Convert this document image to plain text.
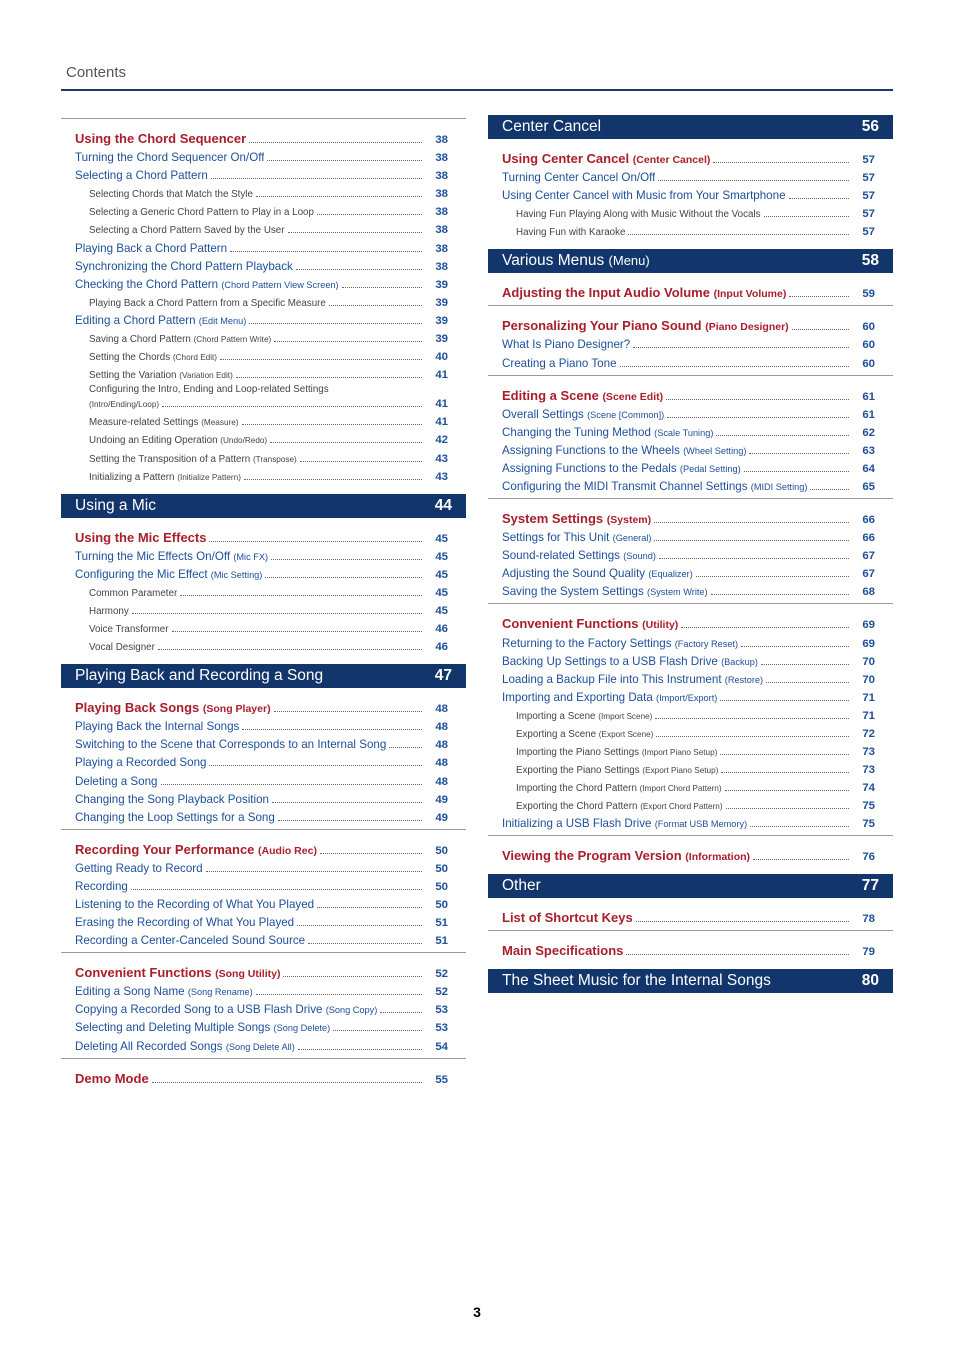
Contents
Using the Chord Sequencer	38
Turning the Chord Sequencer On/Off	38
Selecting a Chord Pattern	38
Selecting Chords that Match the Style	38
Selecting a Generic Chord Pattern to Play in a Loop	38
Selecting a Chord Pattern Saved by the User	38
Playing Back a Chord Pattern	38
Synchronizing the Chord Pattern Playback	38
Checking the Chord Pattern (Chord Pattern View Screen)	39
Playing Back a Chord Pattern from a Specific Measure	39
Editing a Chord Pattern (Edit Menu)	39
Saving a Chord Pattern (Chord Pattern Write)	39
Setting the Chords (Chord Edit)	40
Setting the Variation (Variation Edit)	41
Configuring the Intro, Ending and Loop-related Settings
(Intro/Ending/Loop)	41
Measure-related Settings (Measure)	41
Undoing an Editing Operation (Undo/Redo)	42
Setting the Transposition of a Pattern (Transpose)	43
Initializing a Pattern (Initialize Pattern)	43
Using a Mic	44
Using the Mic Effects	45
Turning the Mic Effects On/Off (Mic FX)	45
Configuring the Mic Effect (Mic Setting)	45
Common Parameter	45
Harmony	45
Voice Transformer	46
Vocal Designer	46
Playing Back and Recording a Song	47
Playing Back Songs (Song Player)	48
Playing Back the Internal Songs	48
Switching to the Scene that Corresponds to an Internal Song	48
Playing a Recorded Song	48
Deleting a Song	48
Changing the Song Playback Position	49
Changing the Loop Settings for a Song	49
Recording Your Performance (Audio Rec)	50
Getting Ready to Record	50
Recording	50
Listening to the Recording of What You Played	50
Erasing the Recording of What You Played	51
Recording a Center-Canceled Sound Source	51
Convenient Functions (Song Utility)	52
Editing a Song Name (Song Rename)	52
Copying a Recorded Song to a USB Flash Drive (Song Copy)	53
Selecting and Deleting Multiple Songs (Song Delete)	53
Deleting All Recorded Songs (Song Delete All)	54
Demo Mode	55
Center Cancel	56
Using Center Cancel (Center Cancel)	57
Turning Center Cancel On/Off	57
Using Center Cancel with Music from Your Smartphone	57
Having Fun Playing Along with Music Without the Vocals	57
Having Fun with Karaoke	57
Various Menus (Menu)	58
Adjusting the Input Audio Volume (Input Volume)	59
Personalizing Your Piano Sound (Piano Designer)	60
What Is Piano Designer?	60
Creating a Piano Tone	60
Editing a Scene (Scene Edit)	61
Overall Settings (Scene [Common])	61
Changing the Tuning Method (Scale Tuning)	62
Assigning Functions to the Wheels (Wheel Setting)	63
Assigning Functions to the Pedals (Pedal Setting)	64
Configuring the MIDI Transmit Channel Settings (MIDI Setting)	65
System Settings (System)	66
Settings for This Unit (General)	66
Sound-related Settings (Sound)	67
Adjusting the Sound Quality (Equalizer)	67
Saving the System Settings (System Write)	68
Convenient Functions (Utility)	69
Returning to the Factory Settings (Factory Reset)	69
Backing Up Settings to a USB Flash Drive (Backup)	70
Loading a Backup File into This Instrument (Restore)	70
Importing and Exporting Data (Import/Export)	71
Importing a Scene (Import Scene)	71
Exporting a Scene (Export Scene)	72
Importing the Piano Settings (Import Piano Setup)	73
Exporting the Piano Settings (Export Piano Setup)	73
Importing the Chord Pattern (Import Chord Pattern)	74
Exporting the Chord Pattern (Export Chord Pattern)	75
Initializing a USB Flash Drive (Format USB Memory)	75
Viewing the Program Version (Information)	76
Other	77
List of Shortcut Keys	78
Main Specifications	79
The Sheet Music for the Internal Songs	80
3
